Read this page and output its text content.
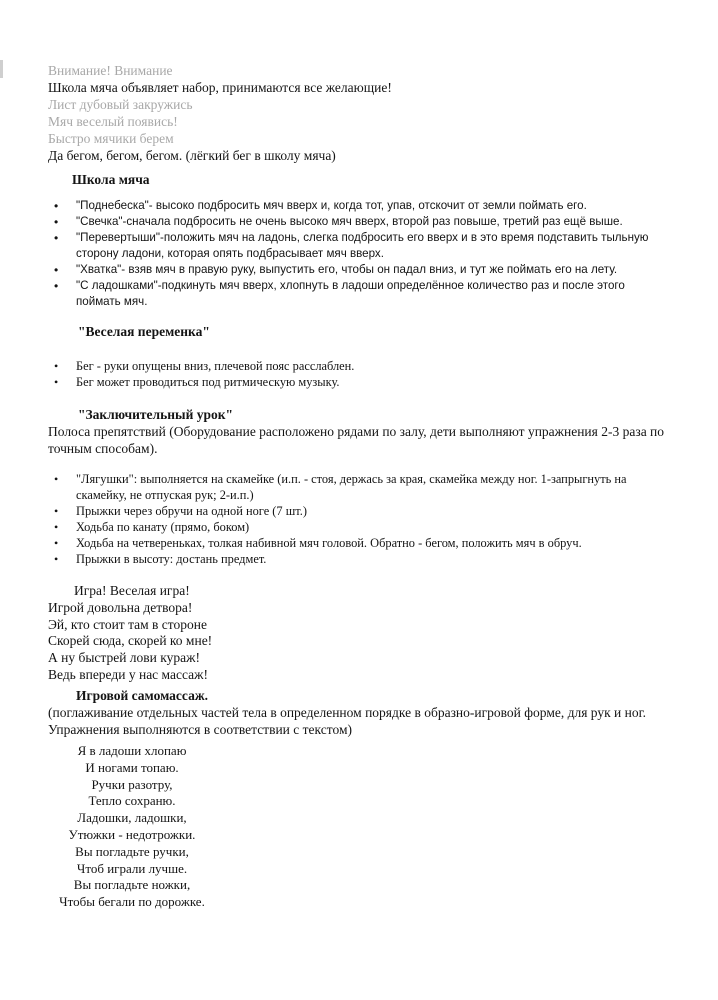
Внимание! Внимание
Школа мяча объявляет набор, принимаются все желающие!
Лист дубовый закружись
Мяч веселый появись!
Быстро мячики берем
Да бегом, бегом, бегом. (лёгкий бег в школу мяча)
Школа мяча
• "Поднебеска"- высоко подбросить мяч вверх и, когда тот, упав, отскочит от земли поймать его.
• "Свечка"-сначала подбросить не очень высоко мяч вверх, второй раз повыше, третий раз ещё выше.
• "Перевертыши"-положить мяч на ладонь, слегка подбросить его вверх и в это время подставить тыльную сторону ладони, которая опять подбрасывает мяч вверх.
• "Хватка"- взяв мяч в правую руку, выпустить его, чтобы он падал вниз, и тут же поймать его на лету.
• "С ладошками"-подкинуть мяч вверх, хлопнуть в ладоши определённое количество раз и после этого поймать мяч.
"Веселая переменка"
• Бег - руки опущены вниз, плечевой пояс расслаблен.
• Бег может проводиться под ритмическую музыку.
"Заключительный урок"
Полоса препятствий (Оборудование расположено рядами по залу, дети выполняют упражнения 2-3 раза по точным способам).
• "Лягушки": выполняется на скамейке (и.п. - стоя, держась за края, скамейка между ног. 1-запрыгнуть на скамейку, не отпуская рук; 2-и.п.)
• Прыжки через обручи на одной ноге (7 шт.)
• Ходьба по канату (прямо, боком)
• Ходьба на четвереньках, толкая набивной мяч головой. Обратно - бегом, положить мяч в обруч.
• Прыжки в высоту: достань предмет.
Игра! Веселая игра!
Игрой довольна детвора!
Эй, кто стоит там в стороне
Скорей сюда, скорей ко мне!
А ну быстрей лови кураж!
Ведь впереди у нас массаж!
Игровой самомассаж.
(поглаживание отдельных частей тела в определенном порядке в образно-игровой форме, для рук и ног. Упражнения выполняются в соответствии с текстом)
Я в ладоши хлопаю
И ногами топаю.
Ручки разотру,
Тепло сохраню.
Ладошки, ладошки,
Утюжки - недотрожки.
Вы погладьте ручки,
Чтоб играли лучше.
Вы погладьте ножки,
Чтобы бегали по дорожке.
